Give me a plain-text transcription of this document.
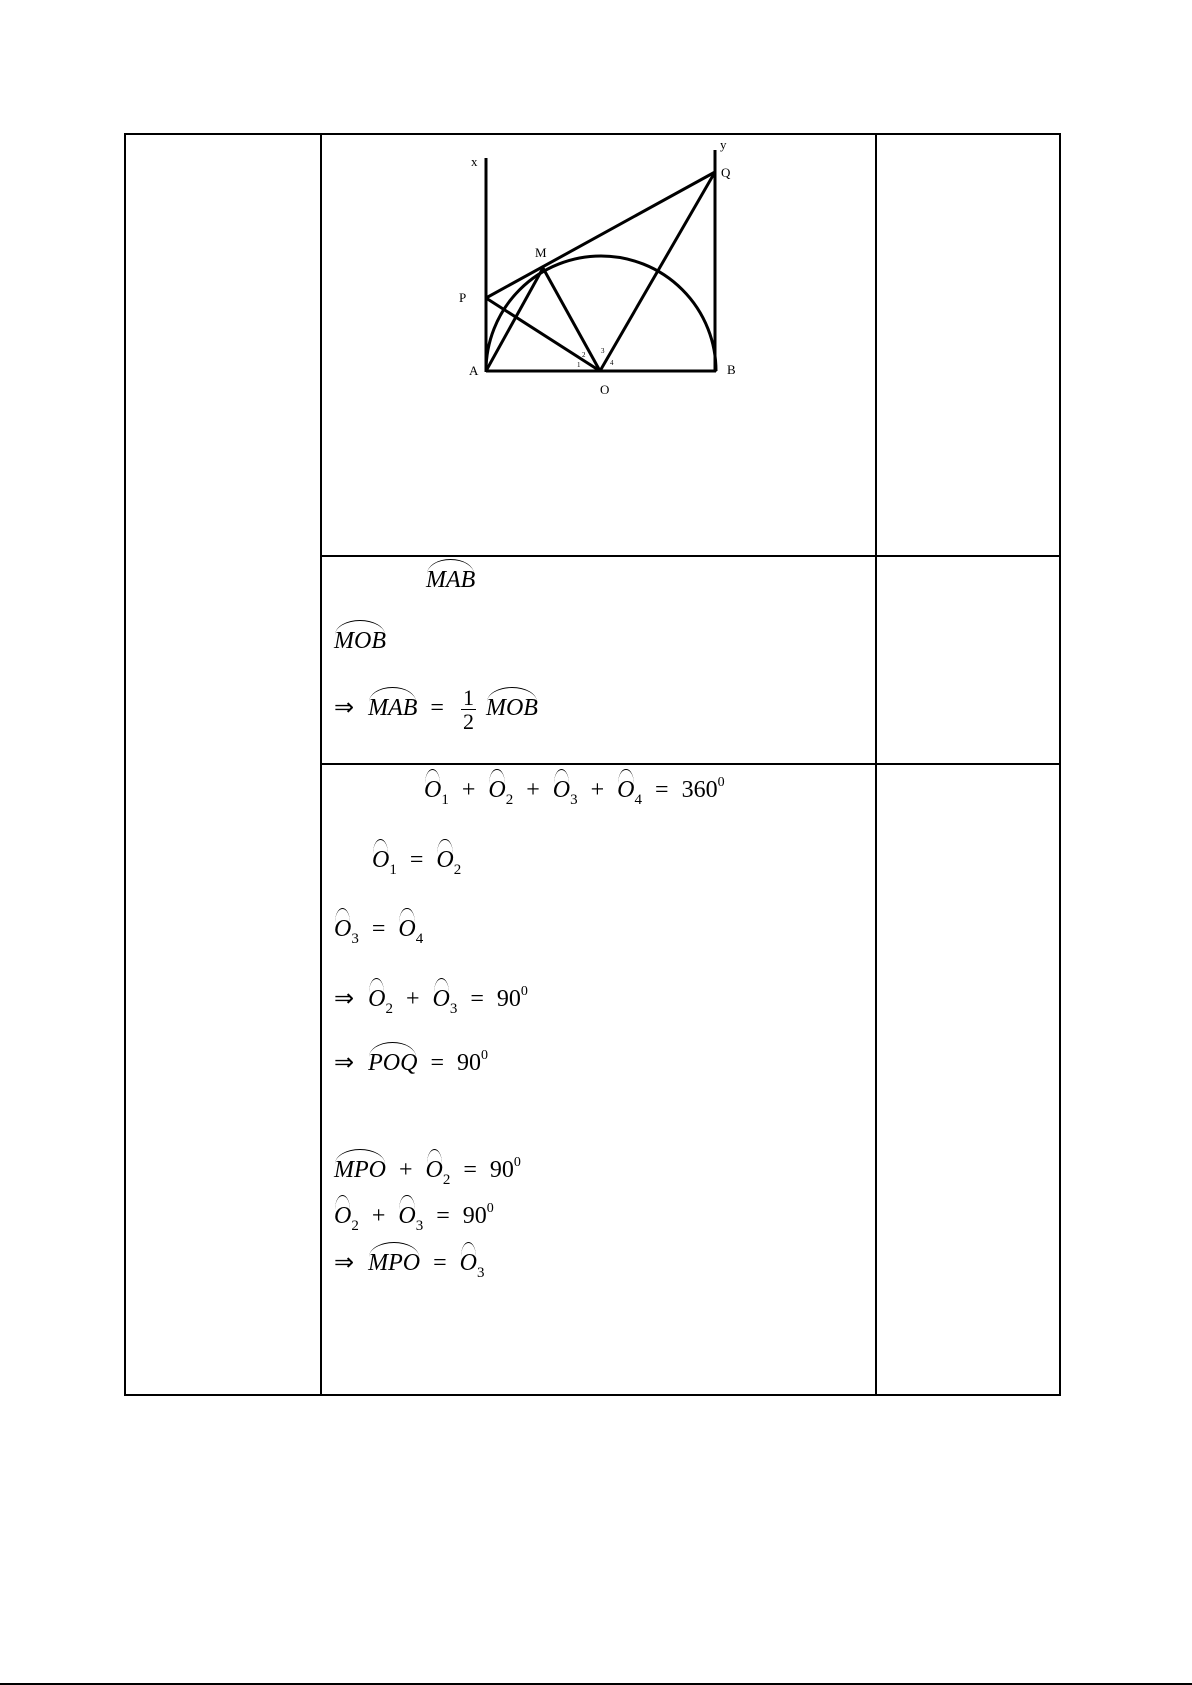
x
y
Q
M
P
A
O
B
1
2 3
4
MAB
MOB
⇒ MAB = $\frac{1}{2}$ MOB
$O_1 + O_2 + O_3 + O_4 = 360^0$
$O_1 = O_2$
$O_3 = O_4$
⇒ $O_2 + O_3 = 90^0$
⇒ POQ = $90^0$
MPO + $O_2 = 90^0$
$O_2 + O_3 = 90^0$
⇒ MPO = $O_3$
